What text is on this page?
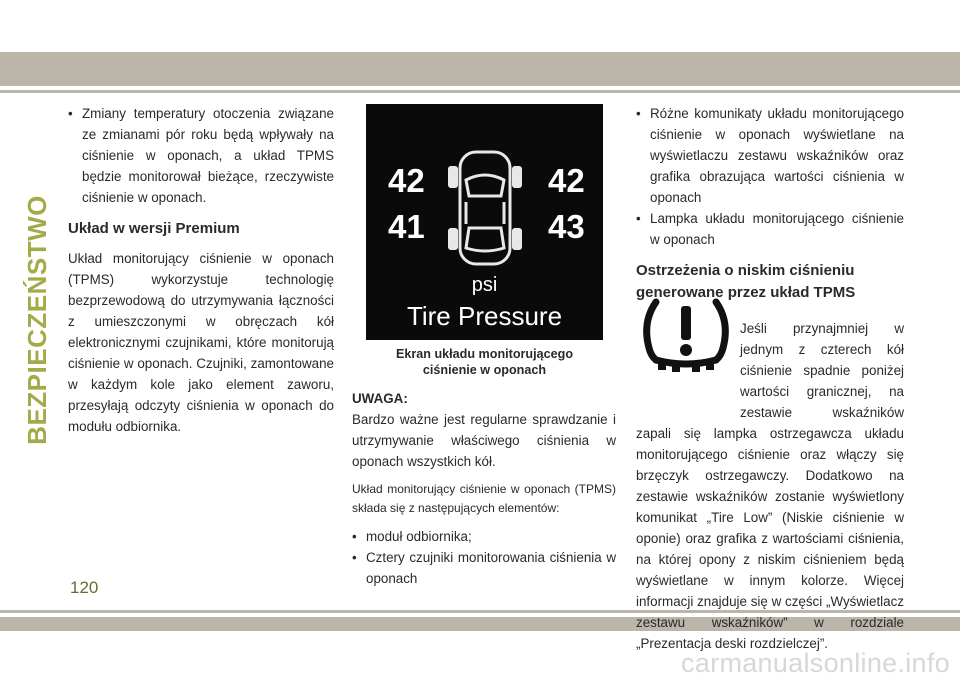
BEZPIECZEŃSTWO

• Zmiany temperatury otoczenia związane ze zmianami pór roku będą wpływały na ciśnienie w oponach, a układ TPMS będzie monitorował bieżące, rzeczywiste ciśnienie w oponach.

Układ w wersji Premium

Układ monitorujący ciśnienie w oponach (TPMS) wykorzystuje technologię bezprzewodową do utrzymywania łączności z umieszczonymi w obręczach kół elektronicznymi czujnikami, które monitorują ciśnienie w oponach. Czujniki, zamontowane w każdym kole jako element zaworu, przesyłają odczyty ciśnienia w oponach do modułu odbiornika.

42	42
41	43
psi
Tire Pressure
Ekran układu monitorującego
ciśnienie w oponach
UWAGA:

Bardzo ważne jest regularne sprawdzanie i utrzymywanie właściwego ciśnienia w oponach wszystkich kół.

Układ monitorujący ciśnienie w oponach (TPMS) składa się z następujących elementów:

• moduł odbiornika;

• Cztery czujniki monitorowania ciśnienia w oponach

• Różne komunikaty układu monitorującego ciśnienie w oponach wyświetlane na wyświetlaczu zestawu wskaźników oraz grafika obrazująca wartości ciśnienia w oponach

• Lampka układu monitorującego ciśnienie w oponach

Ostrzeżenia o niskim ciśnieniu generowane przez układ TPMS

Jeśli przynajmniej w jednym z czterech kół ciśnienie spadnie poniżej wartości granicznej, na zestawie wskaźników zapali się lampka ostrzegawcza układu monitorującego ciśnienie oraz włączy się brzęczyk ostrzegawczy. Dodatkowo na zestawie wskaźników zostanie wyświetlony komunikat „Tire Low” (Niskie ciśnienie w oponie) oraz grafika z wartościami ciśnienia, na której opony z niskim ciśnieniem będą wyświetlane w innym kolorze. Więcej informacji znajduje się w części „Wyświetlacz zestawu wskaźników” w rozdziale „Prezentacja deski rozdzielczej”.

120
carmanualsonline.info
